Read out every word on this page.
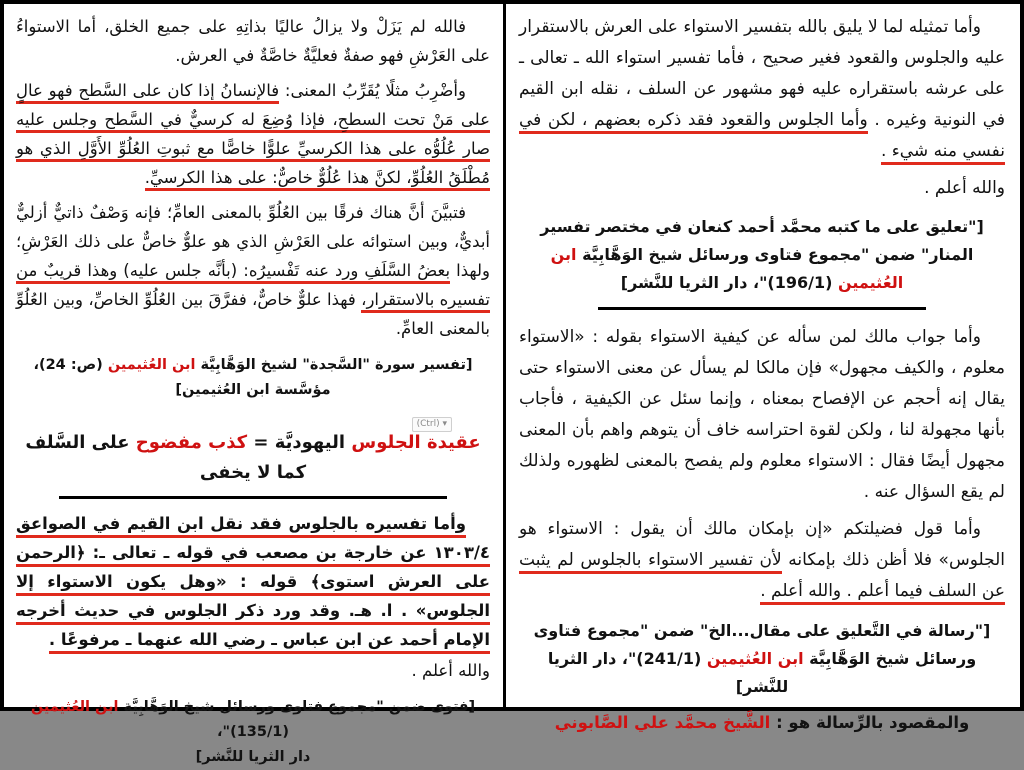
فالله لم يَزَلْ ولا يزالُ عاليًا بذاتِهِ على جميع الخلق، أما الاستواءُ على العَرْشِ فهو صفةٌ فعليَّةٌ خاصَّةٌ في العرش.

وأضْرِبُ مثلًا يُقَرِّبُ المعنى: فالإنسانُ إذا كان على السَّطح فهو عالٍ على مَنْ تحت السطحِ، فإذا وُضِعَ له كرسيٌّ في السَّطح وجلس عليه صار عُلُوُّه على هذا الكرسيِّ علوًّا خاصًّا مع ثبوتِ العُلُوِّ الأَوَّلِ الذي هو مُطْلَقُ العُلُوِّ، لكنَّ هذا عُلُوٌّ خاصٌّ: على هذا الكرسيِّ.

فتبيَّنَ أنَّ هناك فرقًا بين العُلُوِّ بالمعنى العامِّ؛ فإنه وَصْفٌ ذاتيٌّ أزليٌّ أبديٌّ، وبين استوائه على العَرْشِ الذي هو علوٌّ خاصٌّ على ذلك العَرْشِ؛ ولهذا بعضُ السَّلَفِ ورد عنه تَفْسيرُه: (بأنَّه جلس عليه) وهذا قريبٌ من تفسيره بالاستقرار، فهذا علوٌّ خاصٌّ، ففرَّقَ بين العُلُوِّ الخاصِّ، وبين العُلُوِّ بالمعنى العامِّ.

[تفسير سورة "السَّجدة" لشيخ الوَهَّابِيَّة ابن العُثيمين (ص: 24)، مؤسَّسة ابن العُثيمين]
(Ctrl) ▾
عقيدة الجلوس اليهوديَّة = كذب مفضوح على السَّلف كما لا يخفى

وأما تفسيره بالجلوس فقد نقل ابن القيم في الصواعق ١٣٠٣/٤ عن خارجة بن مصعب في قوله ـ تعالى ـ: ﴿الرحمن على العرش استوى﴾ قوله : «وهل يكون الاستواء إلا الجلوس» . ا. هـ. وقد ورد ذكر الجلوس في حديث أخرجه الإمام أحمد عن ابن عباس ـ رضي الله عنهما ـ مرفوعًا .

والله أعلم .
[فتوى ضمن "مجموع فتاوى ورسائل شيخ الوَهَّابِيَّة ابن العُثيمين (135/1)"،
دار الثريا للنَّشر]

وأما تمثيله لما لا يليق بالله بتفسير الاستواء على العرش بالاستقرار عليه والجلوس والقعود فغير صحيح ، فأما تفسير استواء الله ـ تعالى ـ على عرشه باستقراره عليه فهو مشهور عن السلف ، نقله ابن القيم في النونية وغيره . وأما الجلوس والقعود فقد ذكره بعضهم ، لكن في نفسي منه شيء .

والله أعلم .
["تعليق على ما كتبه محمَّد أحمد كنعان في مختصر تفسير المنار" ضمن "مجموع فتاوى ورسائل شيخ الوَهَّابِيَّة ابن العُثيمين (196/1)"، دار الثريا للنَّشر]

وأما جواب مالك لمن سأله عن كيفية الاستواء بقوله : «الاستواء معلوم ، والكيف مجهول» فإن مالكا لم يسأل عن معنى الاستواء حتى يقال إنه أحجم عن الإفصاح بمعناه ، وإنما سئل عن الكيفية ، فأجاب بأنها مجهولة لنا ، ولكن لقوة احتراسه خاف أن يتوهم واهم بأن المعنى مجهول أيضًا فقال : الاستواء معلوم ولم يفصح بالمعنى لظهوره ولذلك لم يقع السؤال عنه .

وأما قول فضيلتكم «إن بإمكان مالك أن يقول : الاستواء هو الجلوس» فلا أظن ذلك بإمكانه لأن تفسير الاستواء بالجلوس لم يثبت عن السلف فيما أعلم . والله أعلم .

["رسالة في التَّعليق على مقال...الخ" ضمن "مجموع فتاوى ورسائل شيخ الوَهَّابِيَّة ابن العُثيمين (241/1)"، دار الثريا للنَّشر]
والمقصود بالرِّسالة هو : الشَّيخ محمَّد علي الصَّابوني
